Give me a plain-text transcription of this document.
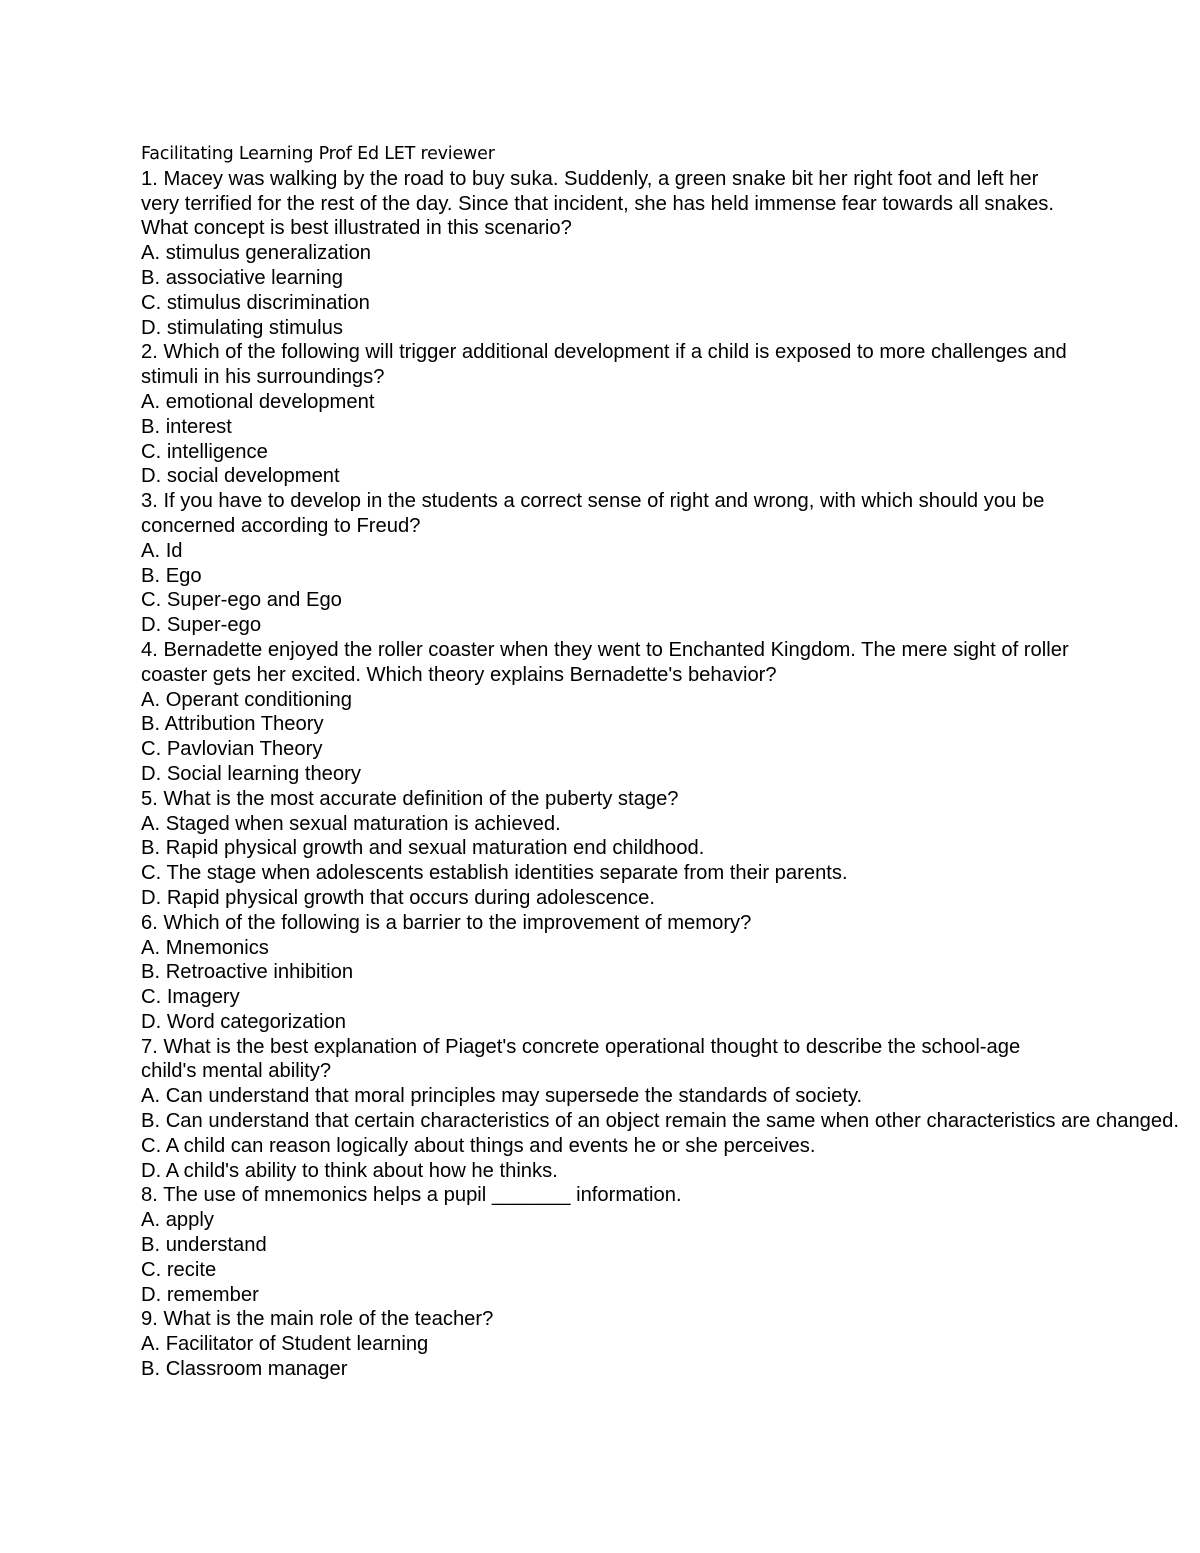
Facilitating Learning Prof Ed LET reviewer

1 . Macey was walking by the road to buy suka. Suddenly, a green snake bit her right foot and left her very terrified for the rest of the day. Since that incident, she has held immense fear towards all snakes. What concept is best illustrated in this scenario?

A . stimulus generalization
B . associative learning
C . stimulus discrimination
D . stimulating stimulus

2 . Which of the following will trigger additional development if a child is exposed to more challenges and stimuli in his surroundings?

A . emotional development
B . interest
C . intelligence
D . social development

3 . If you have to develop in the students a correct sense of right and wrong, with which should you be concerned according to Freud?

A . Id
B . Ego
C . Super-ego and Ego
D . Super-ego

4 . Bernadette enjoyed the roller coaster when they went to Enchanted Kingdom. The mere sight of roller coaster gets her excited. Which theory explains Bernadette's behavior?

A . Operant conditioning
B . Attribution Theory
C . Pavlovian Theory
D . Social learning theory

5 . What is the most accurate definition of the puberty stage?

A . Staged when sexual maturation is achieved.
B . Rapid physical growth and sexual maturation end childhood.
C . The stage when adolescents establish identities separate from their parents.
D . Rapid physical growth that occurs during adolescence.

6 . Which of the following is a barrier to the improvement of memory?

A . Mnemonics
B . Retroactive inhibition
C . Imagery
D . Word categorization

7 . What is the best explanation of Piaget's concrete operational thought to describe the school-age child's mental ability?

A . Can understand that moral principles may supersede the standards of society.
B . Can understand that certain characteristics of an object remain the same when other characteristics are changed.
C . A child can reason logically about things and events he or she perceives.
D . A child's ability to think about how he thinks.

8 . The use of mnemonics helps a pupil _______ information.

A . apply
B . understand
C . recite
D . remember

9 . What is the main role of the teacher?

A . Facilitator of Student learning
B . Classroom manager
